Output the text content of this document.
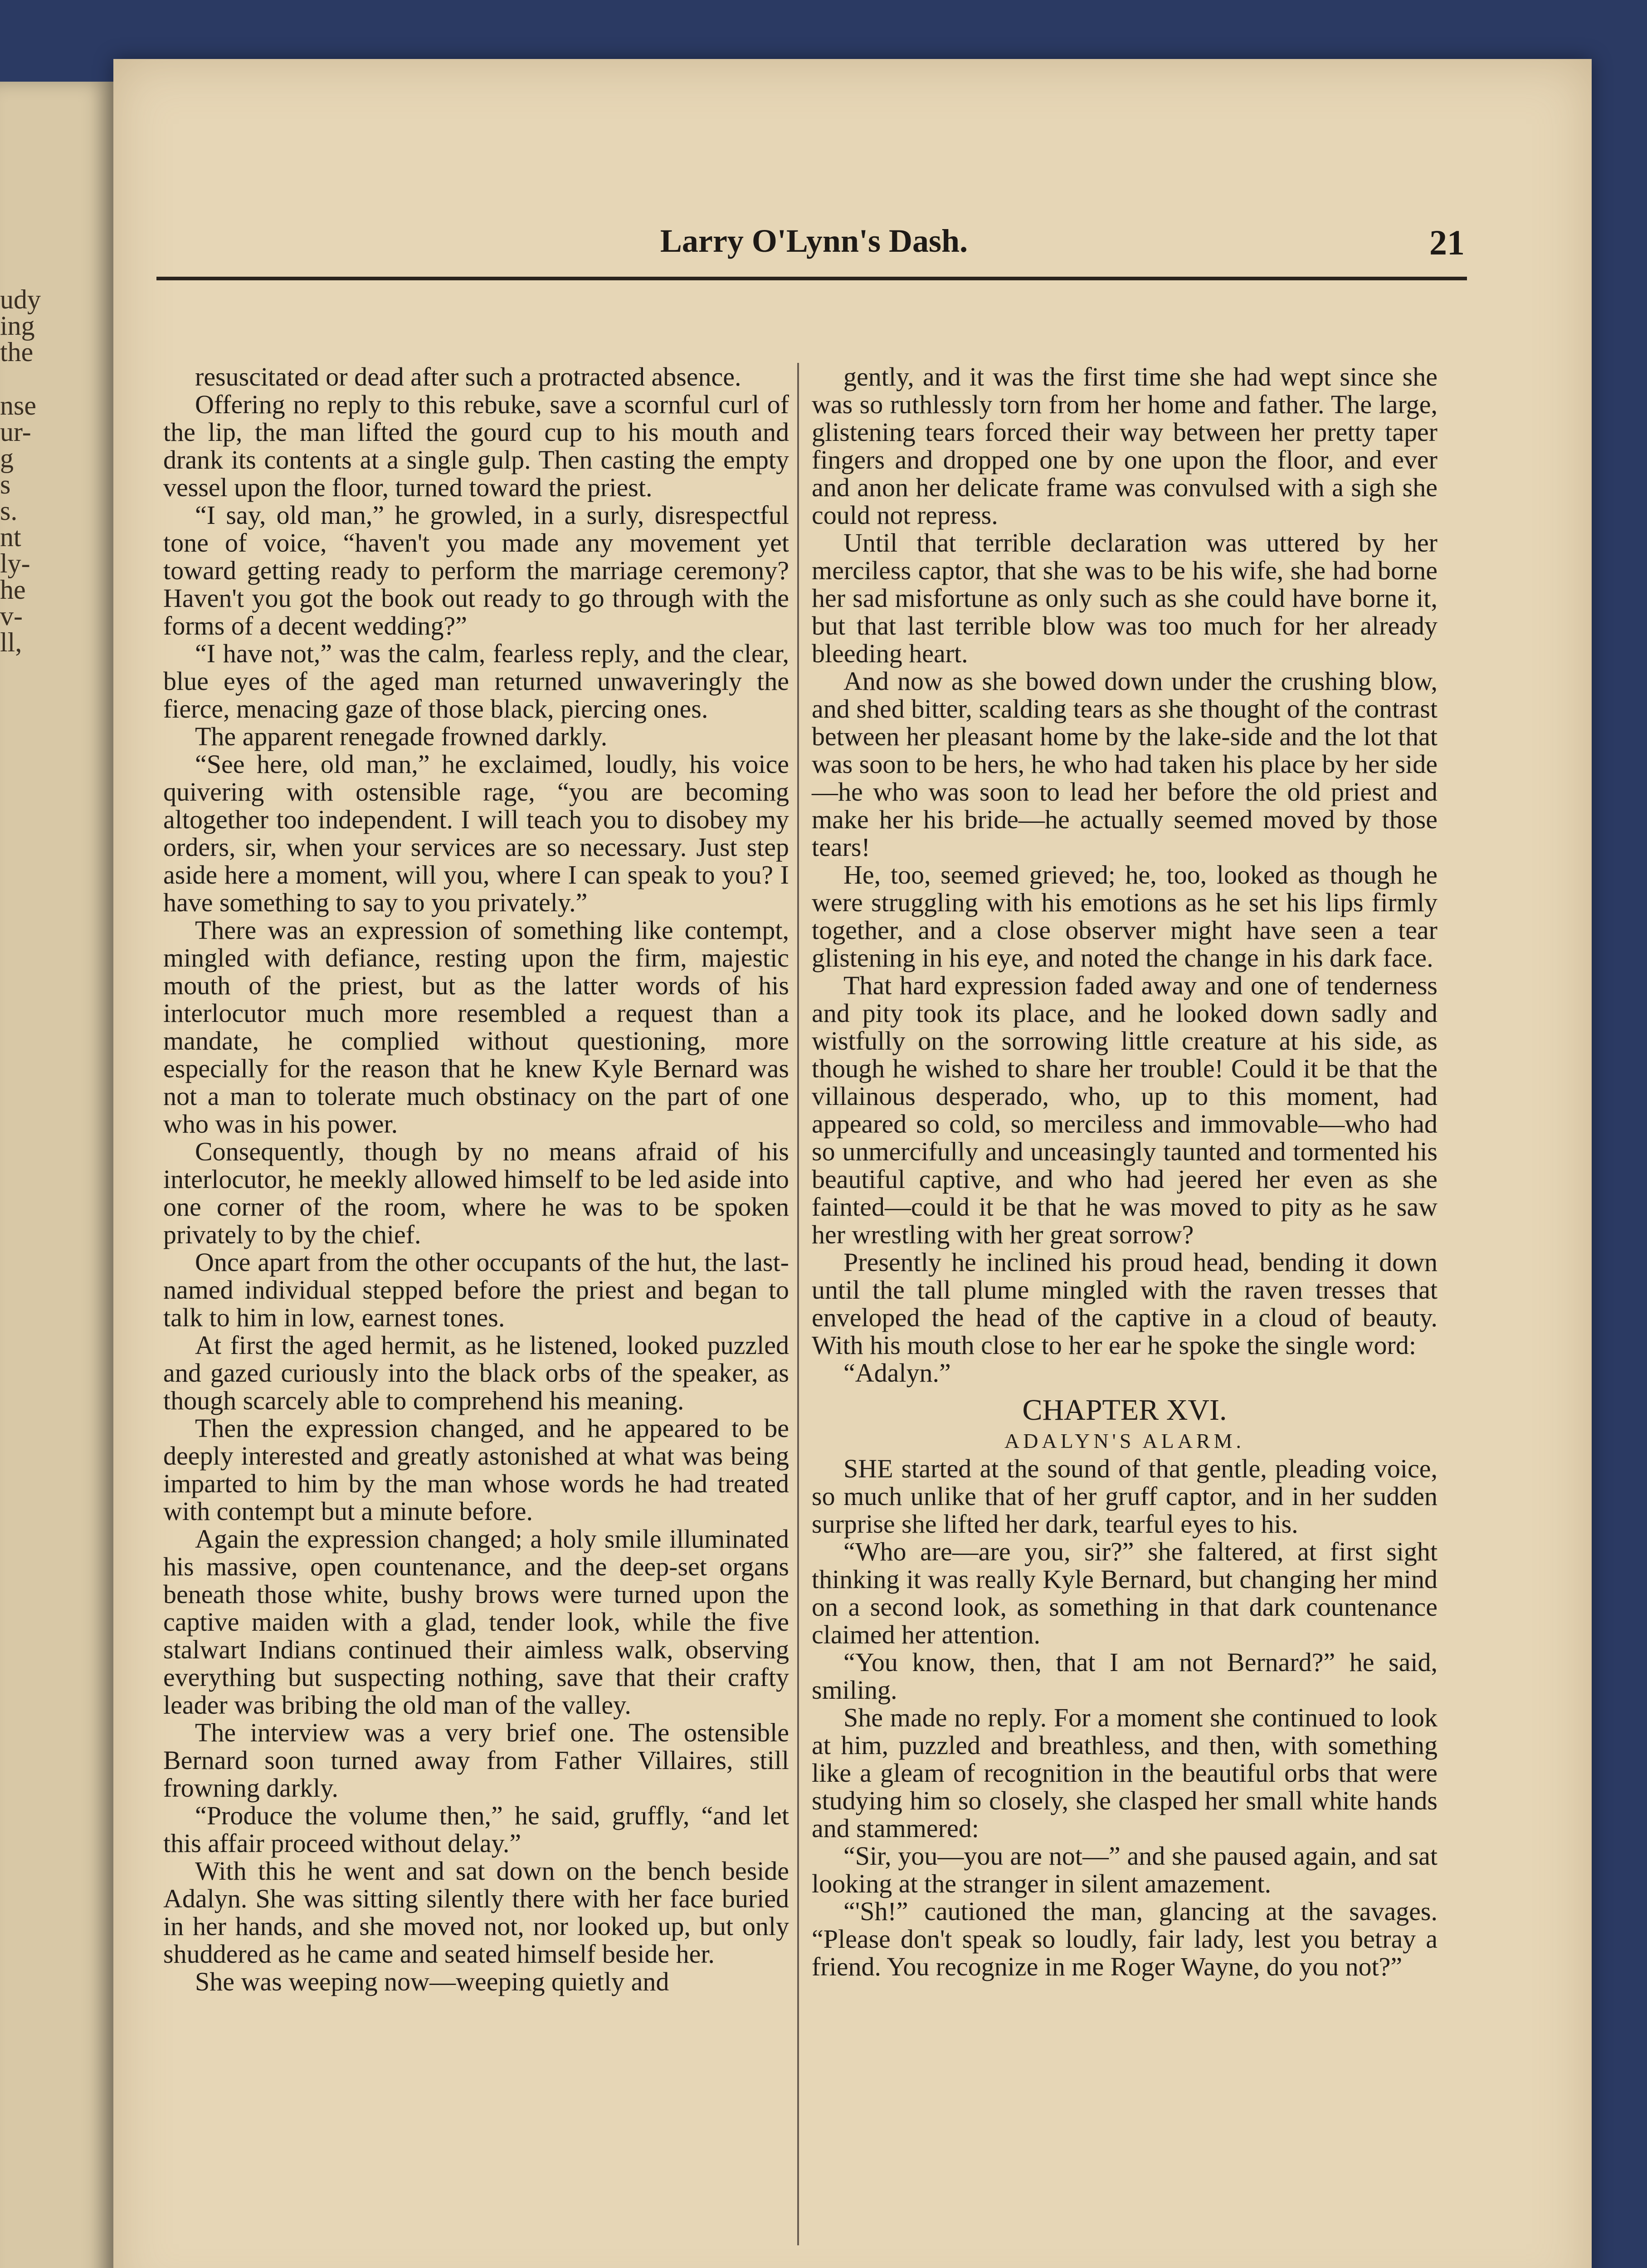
udy
ing
the
nse
ur-
g
s
s.
nt
ly-
he
v-
ll,
Larry O'Lynn's Dash.	21

resuscitated or dead after such a protracted absence.

Offering no reply to this rebuke, save a scornful curl of the lip, the man lifted the gourd cup to his mouth and drank its contents at a single gulp. Then casting the empty vessel upon the floor, turned toward the priest.

“I say, old man,” he growled, in a surly, disrespectful tone of voice, “haven't you made any movement yet toward getting ready to perform the marriage ceremony? Haven't you got the book out ready to go through with the forms of a decent wedding?”

“I have not,” was the calm, fearless reply, and the clear, blue eyes of the aged man returned unwaveringly the fierce, menacing gaze of those black, piercing ones.

The apparent renegade frowned darkly.

“See here, old man,” he exclaimed, loudly, his voice quivering with ostensible rage, “you are becoming altogether too independent. I will teach you to disobey my orders, sir, when your services are so necessary. Just step aside here a moment, will you, where I can speak to you? I have something to say to you privately.”

There was an expression of something like contempt, mingled with defiance, resting upon the firm, majestic mouth of the priest, but as the latter words of his interlocutor much more resembled a request than a mandate, he complied without questioning, more especially for the reason that he knew Kyle Bernard was not a man to tolerate much obstinacy on the part of one who was in his power.

Consequently, though by no means afraid of his interlocutor, he meekly allowed himself to be led aside into one corner of the room, where he was to be spoken privately to by the chief.

Once apart from the other occupants of the hut, the last-named individual stepped before the priest and began to talk to him in low, earnest tones.

At first the aged hermit, as he listened, looked puzzled and gazed curiously into the black orbs of the speaker, as though scarcely able to comprehend his meaning.

Then the expression changed, and he appeared to be deeply interested and greatly astonished at what was being imparted to him by the man whose words he had treated with contempt but a minute before.

Again the expression changed; a holy smile illuminated his massive, open countenance, and the deep-set organs beneath those white, bushy brows were turned upon the captive maiden with a glad, tender look, while the five stalwart Indians continued their aimless walk, observing everything but suspecting nothing, save that their crafty leader was bribing the old man of the valley.

The interview was a very brief one. The ostensible Bernard soon turned away from Father Villaires, still frowning darkly.

“Produce the volume then,” he said, gruffly, “and let this affair proceed without delay.”

With this he went and sat down on the bench beside Adalyn. She was sitting silently there with her face buried in her hands, and she moved not, nor looked up, but only shuddered as he came and seated himself beside her.

She was weeping now—weeping quietly and

gently, and it was the first time she had wept since she was so ruthlessly torn from her home and father. The large, glistening tears forced their way between her pretty taper fingers and dropped one by one upon the floor, and ever and anon her delicate frame was convulsed with a sigh she could not repress.

Until that terrible declaration was uttered by her merciless captor, that she was to be his wife, she had borne her sad misfortune as only such as she could have borne it, but that last terrible blow was too much for her already bleeding heart.

And now as she bowed down under the crushing blow, and shed bitter, scalding tears as she thought of the contrast between her pleasant home by the lake-side and the lot that was soon to be hers, he who had taken his place by her side—he who was soon to lead her before the old priest and make her his bride—he actually seemed moved by those tears!

He, too, seemed grieved; he, too, looked as though he were struggling with his emotions as he set his lips firmly together, and a close observer might have seen a tear glistening in his eye, and noted the change in his dark face.

That hard expression faded away and one of tenderness and pity took its place, and he looked down sadly and wistfully on the sorrowing little creature at his side, as though he wished to share her trouble! Could it be that the villainous desperado, who, up to this moment, had appeared so cold, so merciless and immovable—who had so unmercifully and unceasingly taunted and tormented his beautiful captive, and who had jeered her even as she fainted—could it be that he was moved to pity as he saw her wrestling with her great sorrow?

Presently he inclined his proud head, bending it down until the tall plume mingled with the raven tresses that enveloped the head of the captive in a cloud of beauty. With his mouth close to her ear he spoke the single word:

“Adalyn.”

CHAPTER XVI.

ADALYN'S ALARM.

SHE started at the sound of that gentle, pleading voice, so much unlike that of her gruff captor, and in her sudden surprise she lifted her dark, tearful eyes to his.

“Who are—are you, sir?” she faltered, at first sight thinking it was really Kyle Bernard, but changing her mind on a second look, as something in that dark countenance claimed her attention.

“You know, then, that I am not Bernard?” he said, smiling.

She made no reply. For a moment she continued to look at him, puzzled and breathless, and then, with something like a gleam of recognition in the beautiful orbs that were studying him so closely, she clasped her small white hands and stammered:

“Sir, you—you are not—” and she paused again, and sat looking at the stranger in silent amazement.

“'Sh!” cautioned the man, glancing at the savages. “Please don't speak so loudly, fair lady, lest you betray a friend. You recognize in me Roger Wayne, do you not?”
